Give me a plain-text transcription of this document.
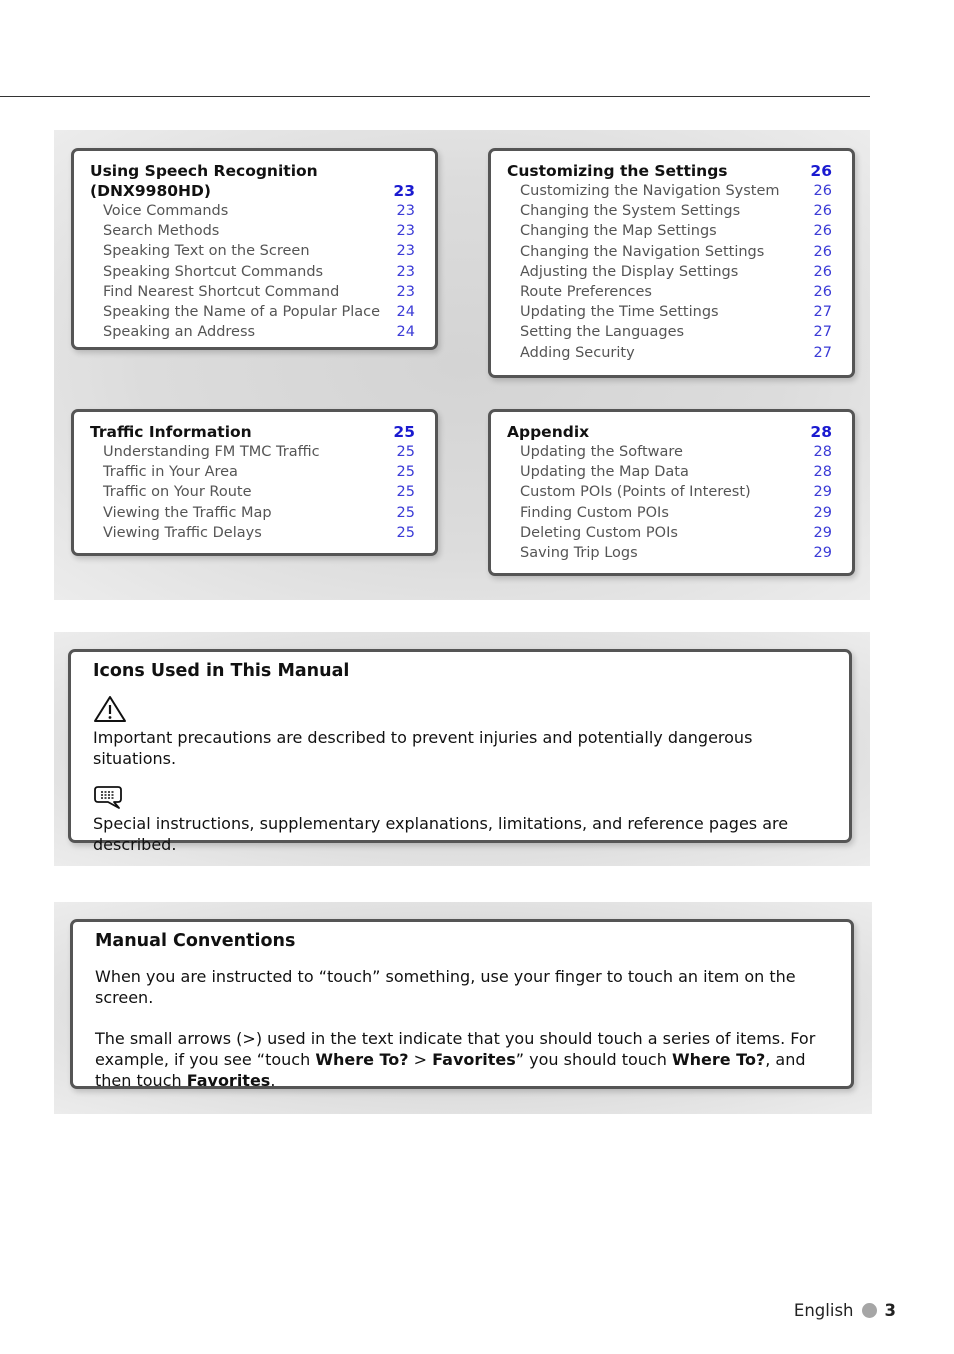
Using Speech Recognition (DNX9980HD)	23
Voice Commands	23
Search Methods	23
Speaking Text on the Screen	23
Speaking Shortcut Commands	23
Find Nearest Shortcut Command	23
Speaking the Name of a Popular Place 24
Speaking an Address	24
Customizing the Settings	26
Customizing the Navigation System 26
Changing the System Settings	26
Changing the Map Settings	26
Changing the Navigation Settings	26
Adjusting the Display Settings	26
Route Preferences	26
Updating the Time Settings	27
Setting the Languages	27
Adding Security	27
Traffic Information	25
Understanding FM TMC Traffic	25
Traffic in Your Area	25
Traffic on Your Route	25
Viewing the Traffic Map	25
Viewing Traffic Delays	25
Appendix	28
Updating the Software	28
Updating the Map Data	28
Custom POIs (Points of Interest)	29
Finding Custom POIs	29
Deleting Custom POIs	29
Saving Trip Logs	29
Icons Used in This Manual

Important precautions are described to prevent injuries and potentially dangerous situations.

Special instructions, supplementary explanations, limitations, and reference pages are described.

Manual Conventions

When you are instructed to “touch” something, use your finger to touch an item on the screen.

The small arrows (>) used in the text indicate that you should touch a series of items. For example, if you see “touch Where To? > Favorites” you should touch Where To?, and then touch Favorites.

English 3
